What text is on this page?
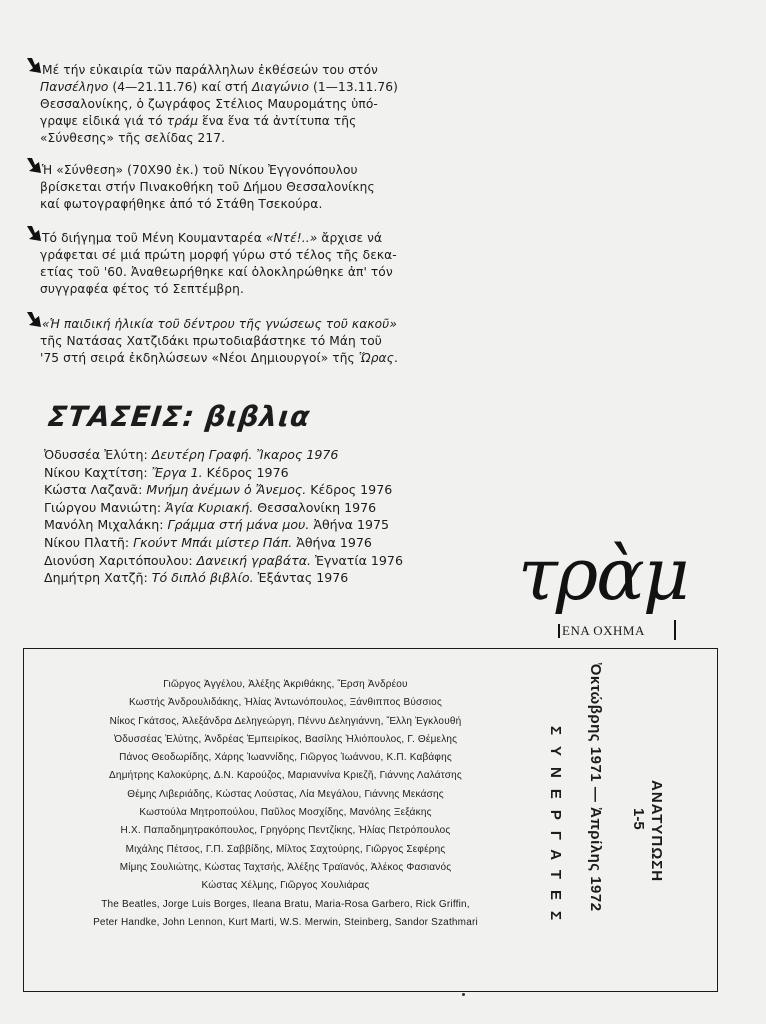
Μέ τήν εὐκαιρία τῶν παράλληλων ἐκθέσεών του στόν

Πανσέληνο (4—21.11.76) καί στή Διαγώνιο (1—13.11.76)

Θεσσαλονίκης, ὁ ζωγράφος Στέλιος Μαυρομάτης ὑπό-

γραψε εἰδικά γιά τό τράμ ἕνα ἕνα τά ἀντίτυπα τῆς

«Σύνθεσης» τῆς σελίδας 217.

Ἡ «Σύνθεση» (70Χ90 ἐκ.) τοῦ Νίκου Ἐγγονόπουλου

βρίσκεται στήν Πινακοθήκη τοῦ Δήμου Θεσσαλονίκης

καί φωτογραφήθηκε ἀπό τό Στάθη Τσεκούρα.

Τό διήγημα τοῦ Μένη Κουμανταρέα «Ντέ!..» ἄρχισε νά

γράφεται σέ μιά πρώτη μορφή γύρω στό τέλος τῆς δεκα-

ετίας τοῦ '60. Ἀναθεωρήθηκε καί ὁλοκληρώθηκε ἀπ' τόν

συγγραφέα φέτος τό Σεπτέμβρη.

«Ἡ παιδική ἡλικία τοῦ δέντρου τῆς γνώσεως τοῦ κακοῦ»

τῆς Νατάσας Χατζιδάκι πρωτοδιαβάστηκε τό Μάη τοῦ

'75 στή σειρά ἐκδηλώσεων «Νέοι Δημιουργοί» τῆς Ὥρας.

ΣΤΑΣΕΙΣ: βιβλια
Ὀδυσσέα Ἐλύτη: Δευτέρη Γραφή. Ἴκαρος 1976
Νίκου Καχτίτση: Ἔργα 1. Κέδρος 1976
Κώστα Λαζανᾶ: Μνήμη ἀνέμων ὁ Ἄνεμος. Κέδρος 1976
Γιώργου Μανιώτη: Ἁγία Κυριακή. Θεσσαλονίκη 1976
Μανόλη Μιχαλάκη: Γράμμα στή μάνα μου. Ἀθήνα 1975
Νίκου Πλατῆ: Γκούντ Μπάι μίστερ Πάπ. Ἀθήνα 1976
Διονύση Χαριτόπουλου: Δανεική γραβάτα. Ἐγνατία 1976
Δημήτρη Χατζῆ: Τό διπλό βιβλίο. Ἐξάντας 1976	τρὰμ
ΕΝΑ ΟΧΗΜΑ
Γιῶργος Ἀγγέλου, Ἀλέξης Ἀκριθάκης, Ἔρση Ἀνδρέου
Κωστής Ἀνδρουλιδάκης, Ἠλίας Ἀντωνόπουλος, Ξάνθιππος Βύσσιος
Νίκος Γκάτσος, Ἀλεξάνδρα Δεληγεώργη, Πέννυ Δεληγιάννη, Ἔλλη Ἐγκλουθή
Ὀδυσσέας Ἐλύτης, Ἀνδρέας Ἐμπειρίκος, Βασίλης Ἠλιόπουλος, Γ. Θέμελης
Πάνος Θεοδωρίδης, Χάρης Ἰωαννίδης, Γιῶργος Ἰωάννου, Κ.Π. Καβάφης
Δημήτρης Καλοκύρης, Δ.Ν. Καρούζος, Μαριαννίνα Κριεζῆ, Γιάννης Λαλάτσης
Θέμης Λιβεριάδης, Κώστας Λούστας, Λία Μεγάλου, Γιάννης Μεκάσης
Κωστούλα Μητροπούλου, Παῦλος Μοσχίδης, Μανόλης Ξεξάκης
Η.Χ. Παπαδημητρακόπουλος, Γρηγόρης Πεντζίκης, Ἠλίας Πετρόπουλος
Μιχάλης Πέτσος, Γ.Π. Σαββίδης, Μίλτος Σαχτούρης, Γιῶργος Σεφέρης
Μίμης Σουλιώτης, Κώστας Ταχτσής, Ἀλέξης Τραϊανός, Ἀλέκος Φασιανός
Κώστας Χέλμης, Γιῶργος Χουλιάρας
The Beatles, Jorge Luis Borges, Ileana Bratu, Maria-Rosa Garbero, Rick Griffin,
Peter Handke, John Lennon, Kurt Marti, W.S. Merwin, Steinberg, Sandor Szathmari
ΑΝΑΤΥΠΩΣΗ
1-5
Ὀκτώβρης 1971 — Ἀπρίλης 1972
ΣΥΝΕΡΓΑΤΕΣ
